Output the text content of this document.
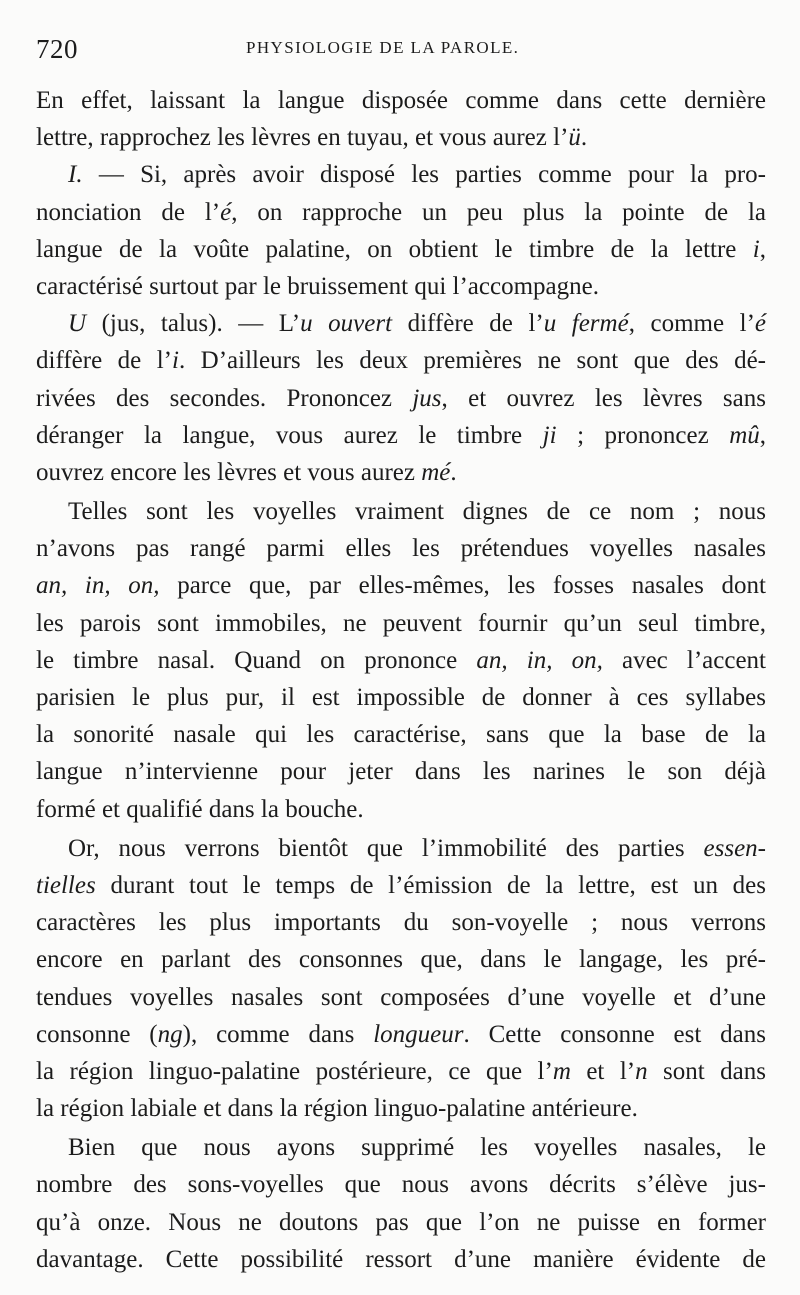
720	PHYSIOLOGIE DE LA PAROLE.
En effet, laissant la langue disposée comme dans cette dernière
lettre, rapprochez les lèvres en tuyau, et vous aurez l’ü.
I. — Si, après avoir disposé les parties comme pour la pro-
nonciation de l’é, on rapproche un peu plus la pointe de la
langue de la voûte palatine, on obtient le timbre de la lettre i,
caractérisé surtout par le bruissement qui l’accompagne.
U (jus, talus). — L’u ouvert diffère de l’u fermé, comme l’é
diffère de l’i. D’ailleurs les deux premières ne sont que des dé-
rivées des secondes. Prononcez jus, et ouvrez les lèvres sans
déranger la langue, vous aurez le timbre ji ; prononcez mû,
ouvrez encore les lèvres et vous aurez mé.
Telles sont les voyelles vraiment dignes de ce nom ; nous
n’avons pas rangé parmi elles les prétendues voyelles nasales
an, in, on, parce que, par elles-mêmes, les fosses nasales dont
les parois sont immobiles, ne peuvent fournir qu’un seul timbre,
le timbre nasal. Quand on prononce an, in, on, avec l’accent
parisien le plus pur, il est impossible de donner à ces syllabes
la sonorité nasale qui les caractérise, sans que la base de la
langue n’intervienne pour jeter dans les narines le son déjà
formé et qualifié dans la bouche.
Or, nous verrons bientôt que l’immobilité des parties essen-
tielles durant tout le temps de l’émission de la lettre, est un des
caractères les plus importants du son-voyelle ; nous verrons
encore en parlant des consonnes que, dans le langage, les pré-
tendues voyelles nasales sont composées d’une voyelle et d’une
consonne (ng), comme dans longueur. Cette consonne est dans
la région linguo-palatine postérieure, ce que l’m et l’n sont dans
la région labiale et dans la région linguo-palatine antérieure.
Bien que nous ayons supprimé les voyelles nasales, le
nombre des sons-voyelles que nous avons décrits s’élève jus-
qu’à onze. Nous ne doutons pas que l’on ne puisse en former
davantage. Cette possibilité ressort d’une manière évidente de
